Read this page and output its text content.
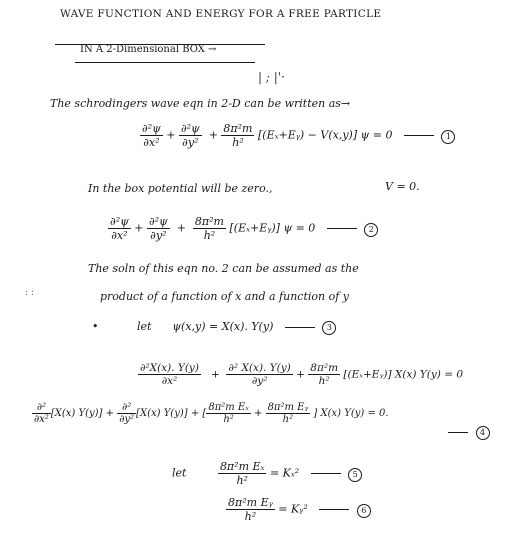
WAVE FUNCTION AND ENERGY FOR A FREE PARTICLE
IN A 2-Dimensional BOX →
| ; |'·
The schrodingers wave eqn in 2-D can be written as→
$\frac{\text{∂²ψ}}{\text{∂x²}} + \frac{\text{∂²ψ}}{\text{∂y²}} + \frac{\text{8π²m}}{\text{h²}}$ [(Eₓ+Eᵧ) − V(x,y)] ψ = 0	1
In the box potential will be zero.,	V = 0.
$\frac{\text{∂²ψ}}{\text{∂x²}} + \frac{\text{∂²ψ}}{\text{∂y²}} + \frac{\text{8π²m}}{\text{h²}}$ [(Eₓ+Eᵧ)] ψ = 0	2
: :
The soln of this eqn no. 2 can be assumed as the
product of a function of x and a function of y
•	let ψ(x,y) = X(x). Y(y)	3
$\frac{\text{∂²X(x). Y(y)}}{\text{∂x²}} + \frac{\text{∂² X(x). Y(y)}}{\text{∂y²}} + \frac{\text{8π²m}}{\text{h²}}$ [(Eₓ+Eᵧ)] X(x) Y(y) = 0
$\frac{\text{∂²}}{\text{∂x²}} [X(x) Y(y)] + \frac{\text{∂²}}{\text{∂y²}} [X(x) Y(y)]$ + [ $\frac{\text{8π²m Eₓ}}{\text{h²}} + \frac{\text{8π²m Eᵧ}}{\text{h²}}$ ] X(x) Y(y) = 0.
4
let	$\frac{\text{8π²m Eₓ}}{\text{h²}} = K_x^2$	5
$\frac{\text{8π²m Eᵧ}}{\text{h²}}$ = Kᵧ²	6
